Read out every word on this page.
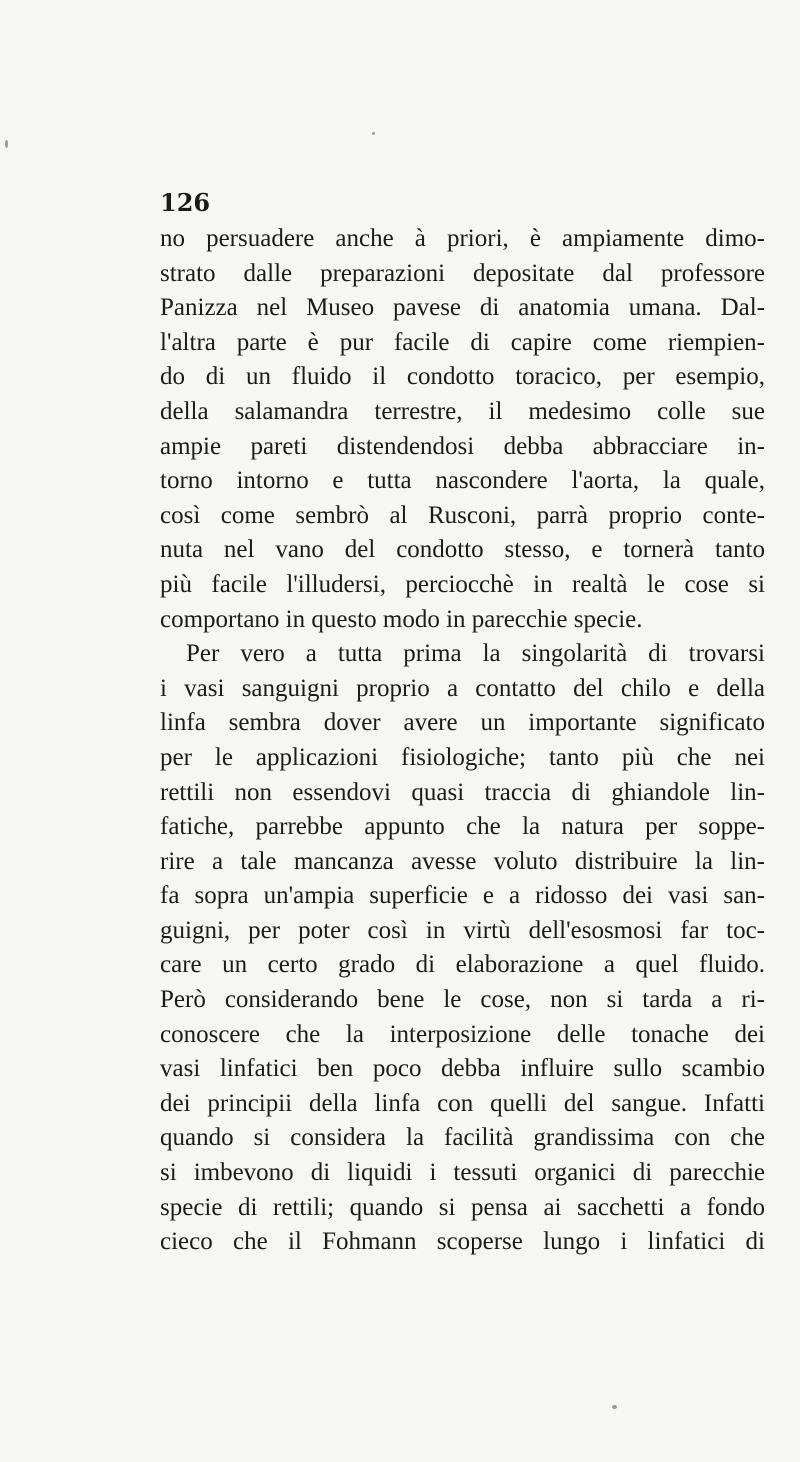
126

no persuadere anche à priori, è ampiamente dimo-
strato dalle preparazioni depositate dal professore
Panizza nel Museo pavese di anatomia umana. Dal-
l'altra parte è pur facile di capire come riempien-
do di un fluido il condotto toracico, per esempio,
della salamandra terrestre, il medesimo colle sue
ampie pareti distendendosi debba abbracciare in-
torno intorno e tutta nascondere l'aorta, la quale,
così come sembrò al Rusconi, parrà proprio conte-
nuta nel vano del condotto stesso, e tornerà tanto
più facile l'illudersi, perciocchè in realtà le cose si
comportano in questo modo in parecchie specie.
Per vero a tutta prima la singolarità di trovarsi
i vasi sanguigni proprio a contatto del chilo e della
linfa sembra dover avere un importante significato
per le applicazioni fisiologiche; tanto più che nei
rettili non essendovi quasi traccia di ghiandole lin-
fatiche, parrebbe appunto che la natura per soppe-
rire a tale mancanza avesse voluto distribuire la lin-
fa sopra un'ampia superficie e a ridosso dei vasi san-
guigni, per poter così in virtù dell'esosmosi far toc-
care un certo grado di elaborazione a quel fluido.
Però considerando bene le cose, non si tarda a ri-
conoscere che la interposizione delle tonache dei
vasi linfatici ben poco debba influire sullo scambio
dei principii della linfa con quelli del sangue. Infatti
quando si considera la facilità grandissima con che
si imbevono di liquidi i tessuti organici di parecchie
specie di rettili; quando si pensa ai sacchetti a fondo
cieco che il Fohmann scoperse lungo i linfatici di
